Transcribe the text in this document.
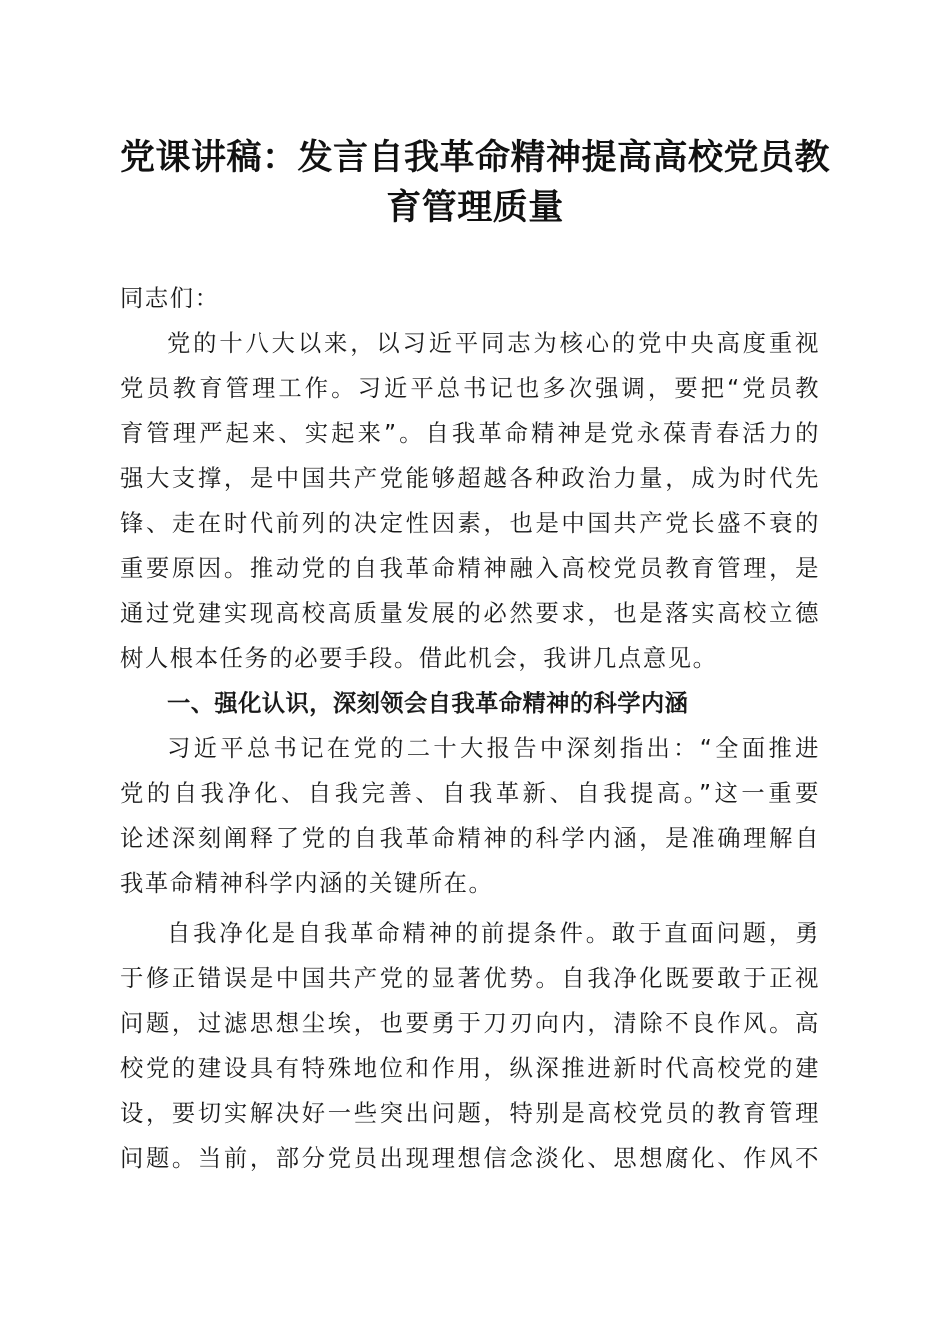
党课讲稿：发言自我革命精神提高高校党员教
育管理质量
同志们：
党的十八大以来，以习近平同志为核心的党中央高度重视
党员教育管理工作。习近平总书记也多次强调，要把“党员教
育管理严起来、实起来”。自我革命精神是党永葆青春活力的
强大支撑，是中国共产党能够超越各种政治力量，成为时代先
锋、走在时代前列的决定性因素，也是中国共产党长盛不衰的
重要原因。推动党的自我革命精神融入高校党员教育管理，是
通过党建实现高校高质量发展的必然要求，也是落实高校立德
树人根本任务的必要手段。借此机会，我讲几点意见。
一、强化认识，深刻领会自我革命精神的科学内涵
习近平总书记在党的二十大报告中深刻指出：“全面推进
党的自我净化、自我完善、自我革新、自我提高。”这一重要
论述深刻阐释了党的自我革命精神的科学内涵，是准确理解自
我革命精神科学内涵的关键所在。
自我净化是自我革命精神的前提条件。敢于直面问题，勇
于修正错误是中国共产党的显著优势。自我净化既要敢于正视
问题，过滤思想尘埃，也要勇于刀刃向内，清除不良作风。高
校党的建设具有特殊地位和作用，纵深推进新时代高校党的建
设，要切实解决好一些突出问题，特别是高校党员的教育管理
问题。当前，部分党员出现理想信念淡化、思想腐化、作风不
